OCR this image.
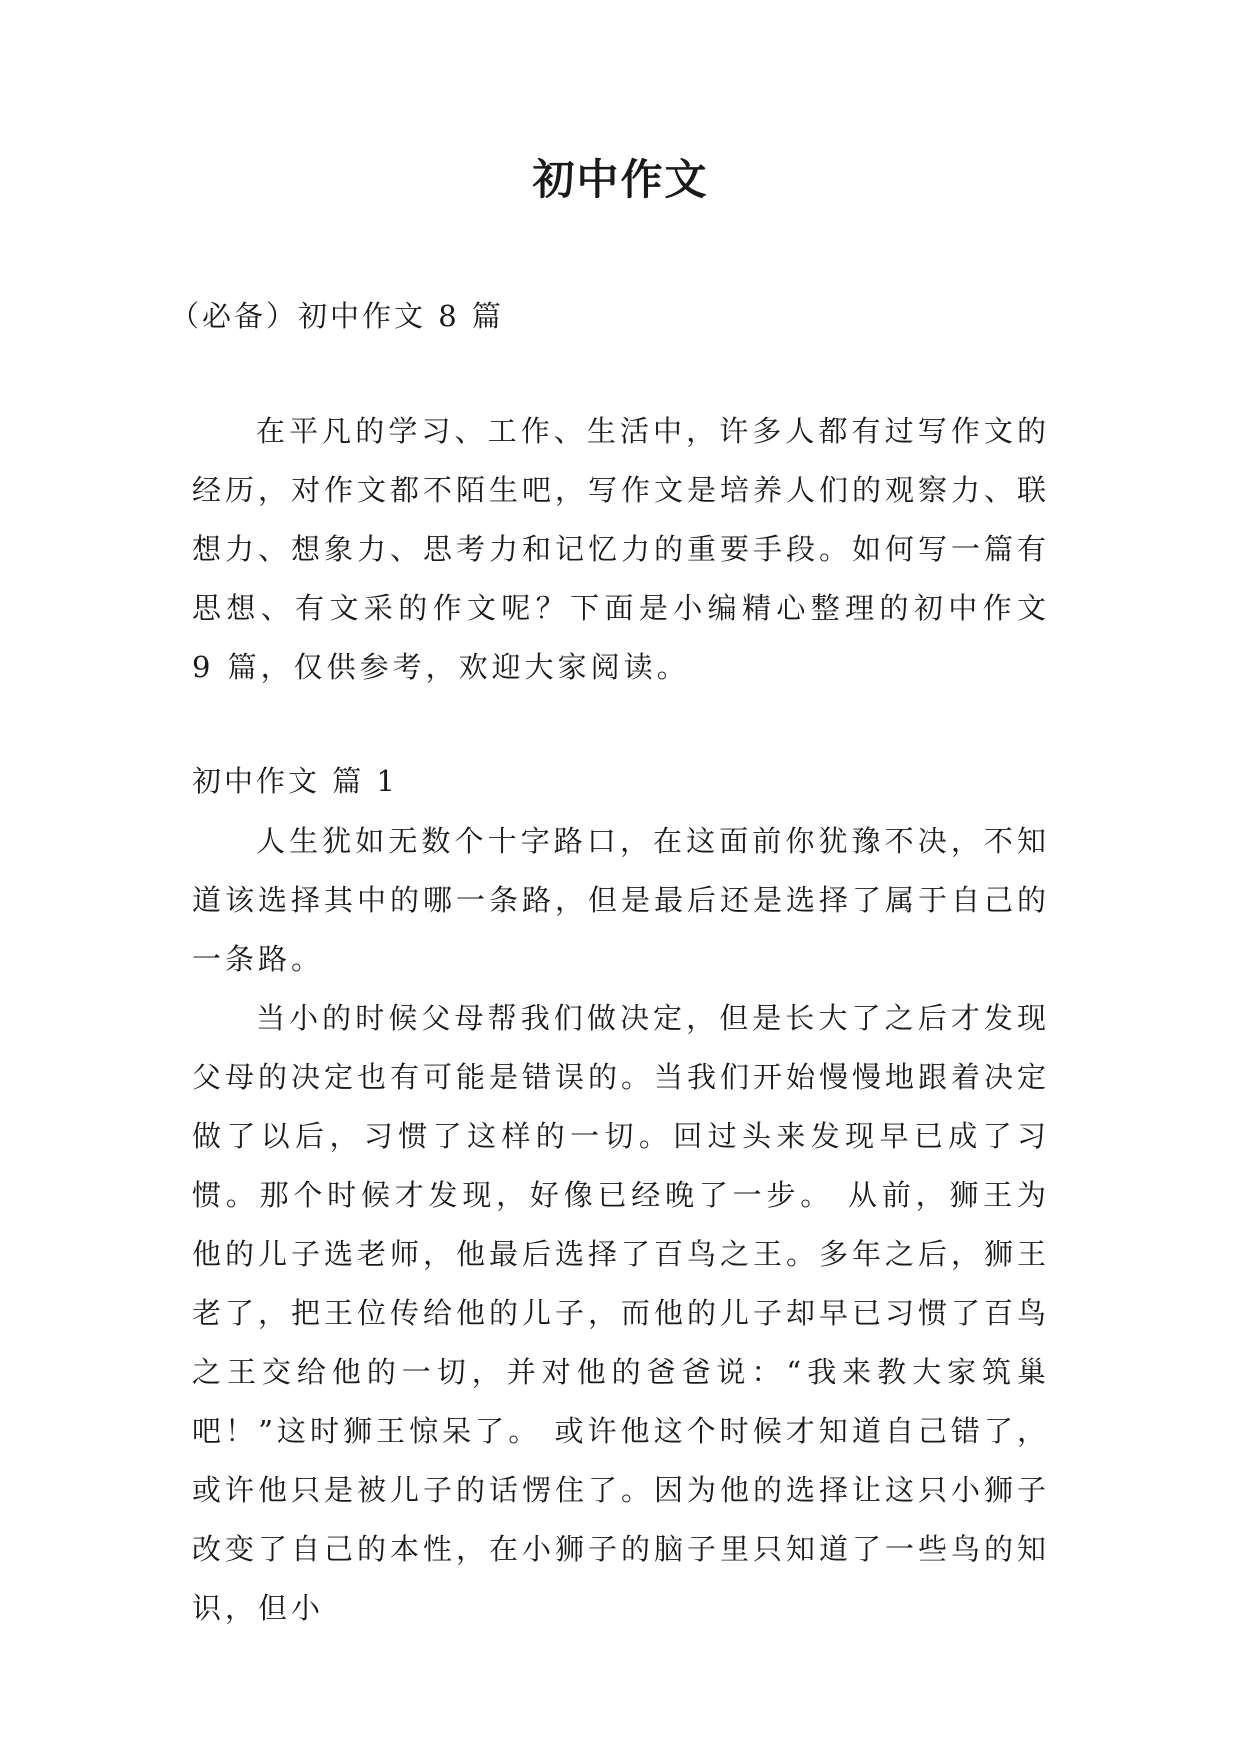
初中作文
（必备）初中作文 8 篇

在平凡的学习、工作、生活中，许多人都有过写作文的经历，对作文都不陌生吧，写作文是培养人们的观察力、联想力、想象力、思考力和记忆力的重要手段。如何写一篇有思想、有文采的作文呢？下面是小编精心整理的初中作文 9 篇，仅供参考，欢迎大家阅读。

初中作文 篇 1

人生犹如无数个十字路口，在这面前你犹豫不决，不知道该选择其中的哪一条路，但是最后还是选择了属于自己的一条路。

当小的时候父母帮我们做决定，但是长大了之后才发现父母的决定也有可能是错误的。当我们开始慢慢地跟着决定做了以后，习惯了这样的一切。回过头来发现早已成了习惯。那个时候才发现，好像已经晚了一步。 从前，狮王为他的儿子选老师，他最后选择了百鸟之王。多年之后，狮王老了，把王位传给他的儿子，而他的儿子却早已习惯了百鸟之王交给他的一切，并对他的爸爸说：“我来教大家筑巢吧！”这时狮王惊呆了。 或许他这个时候才知道自己错了，或许他只是被儿子的话愣住了。因为他的选择让这只小狮子改变了自己的本性，在小狮子的脑子里只知道了一些鸟的知识，但小
